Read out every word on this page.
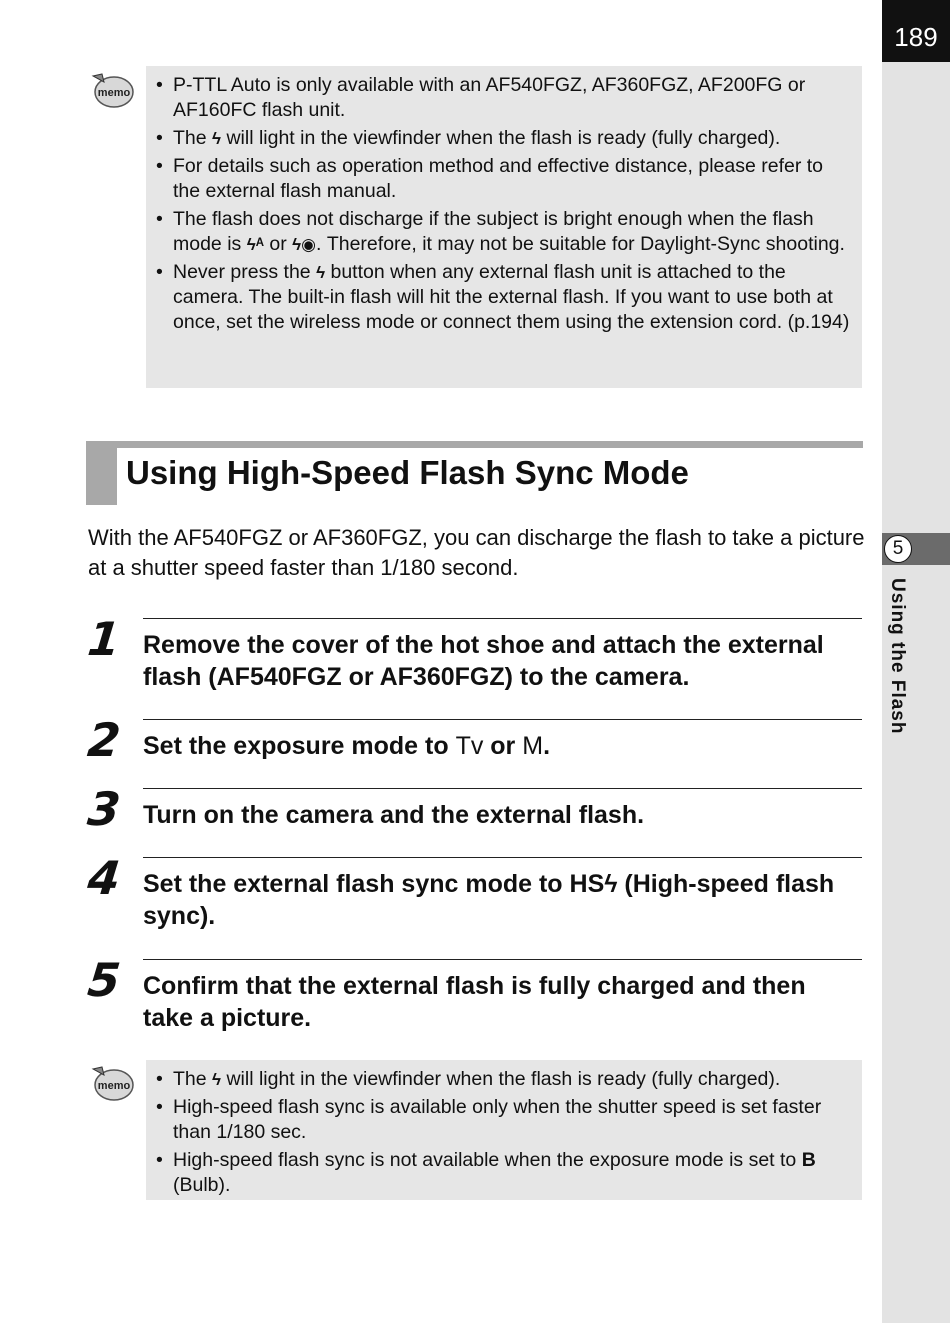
189
5
Using the Flash
memo	• P-TTL Auto is only available with an AF540FGZ, AF360FGZ, AF200FG or AF160FC flash unit.
• The ϟ will light in the viewfinder when the flash is ready (fully charged).
• For details such as operation method and effective distance, please refer to the external flash manual.
• The flash does not discharge if the subject is bright enough when the flash mode is ϟᴬ or ϟ◉. Therefore, it may not be suitable for Daylight-Sync shooting.
• Never press the ϟ button when any external flash unit is attached to the camera. The built-in flash will hit the external flash. If you want to use both at once, set the wireless mode or connect them using the extension cord. (p.194)
Using High-Speed Flash Sync Mode
With the AF540FGZ or AF360FGZ, you can discharge the flash to take a picture at a shutter speed faster than 1/180 second.
1 Remove the cover of the hot shoe and attach the external flash (AF540FGZ or AF360FGZ) to the camera.
2 Set the exposure mode to Tv or M.
3 Turn on the camera and the external flash.
4 Set the external flash sync mode to HSϟ (High-speed flash sync).
5 Confirm that the external flash is fully charged and then take a picture.
memo	• The ϟ will light in the viewfinder when the flash is ready (fully charged).
• High-speed flash sync is available only when the shutter speed is set faster than 1/180 sec.
• High-speed flash sync is not available when the exposure mode is set to B (Bulb).
